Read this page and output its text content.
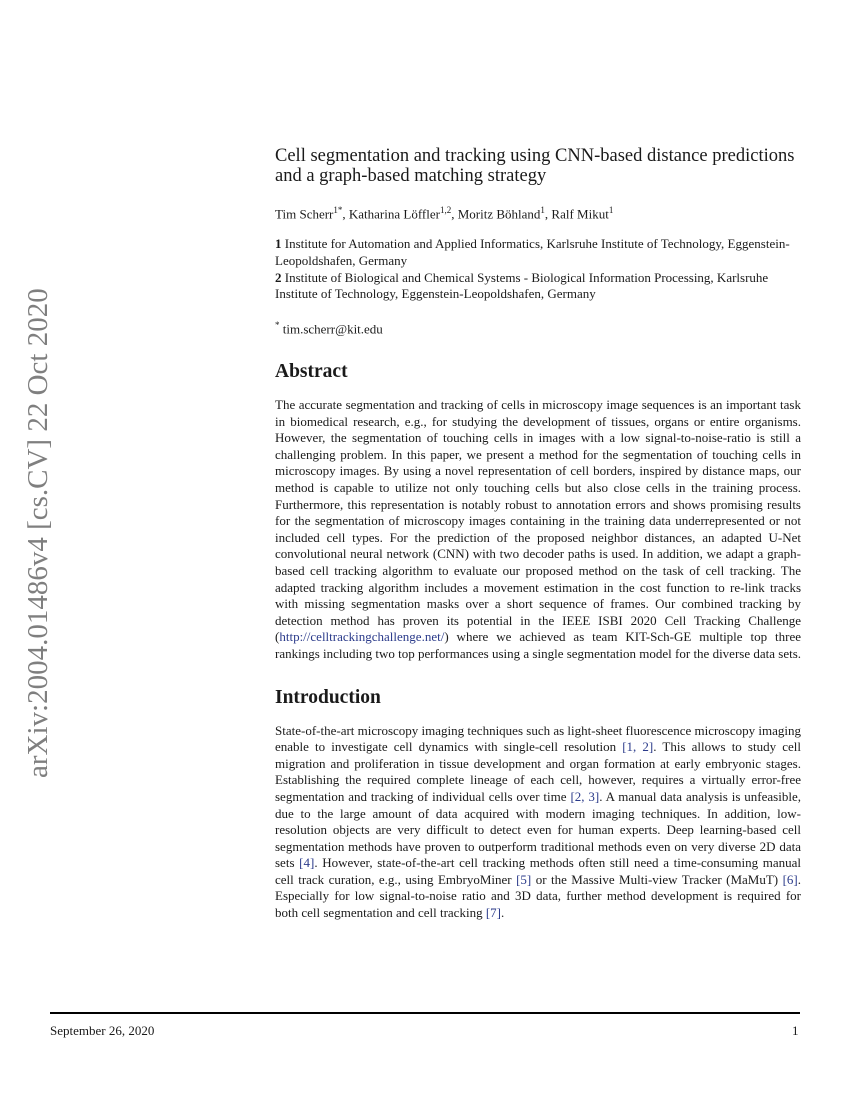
arXiv:2004.01486v4 [cs.CV] 22 Oct 2020
Cell segmentation and tracking using CNN-based distance predictions and a graph-based matching strategy
Tim Scherr$^{1*}$, Katharina Löffler$^{1,2}$, Moritz Böhland$^1$, Ralf Mikut$^1$
1 Institute for Automation and Applied Informatics, Karlsruhe Institute of Technology, Eggenstein-Leopoldshafen, Germany
2 Institute of Biological and Chemical Systems - Biological Information Processing, Karlsruhe Institute of Technology, Eggenstein-Leopoldshafen, Germany
* tim.scherr@kit.edu
Abstract

The accurate segmentation and tracking of cells in microscopy image sequences is an important task in biomedical research, e.g., for studying the development of tissues, organs or entire organisms. However, the segmentation of touching cells in images with a low signal-to-noise-ratio is still a challenging problem. In this paper, we present a method for the segmentation of touching cells in microscopy images. By using a novel representation of cell borders, inspired by distance maps, our method is capable to utilize not only touching cells but also close cells in the training process. Furthermore, this representation is notably robust to annotation errors and shows promising results for the segmentation of microscopy images containing in the training data underrepresented or not included cell types. For the prediction of the proposed neighbor distances, an adapted U-Net convolutional neural network (CNN) with two decoder paths is used. In addition, we adapt a graph-based cell tracking algorithm to evaluate our proposed method on the task of cell tracking. The adapted tracking algorithm includes a movement estimation in the cost function to re-link tracks with missing segmentation masks over a short sequence of frames. Our combined tracking by detection method has proven its potential in the IEEE ISBI 2020 Cell Tracking Challenge (http://celltrackingchallenge.net/) where we achieved as team KIT-Sch-GE multiple top three rankings including two top performances using a single segmentation model for the diverse data sets.

Introduction

State-of-the-art microscopy imaging techniques such as light-sheet fluorescence microscopy imaging enable to investigate cell dynamics with single-cell resolution [1, 2]. This allows to study cell migration and proliferation in tissue development and organ formation at early embryonic stages. Establishing the required complete lineage of each cell, however, requires a virtually error-free segmentation and tracking of individual cells over time [2, 3]. A manual data analysis is unfeasible, due to the large amount of data acquired with modern imaging techniques. In addition, low-resolution objects are very difficult to detect even for human experts. Deep learning-based cell segmentation methods have proven to outperform traditional methods even on very diverse 2D data sets [4]. However, state-of-the-art cell tracking methods often still need a time-consuming manual cell track curation, e.g., using EmbryoMiner [5] or the Massive Multi-view Tracker (MaMuT) [6]. Especially for low signal-to-noise ratio and 3D data, further method development is required for both cell segmentation and cell tracking [7].

September 26, 2020	1
